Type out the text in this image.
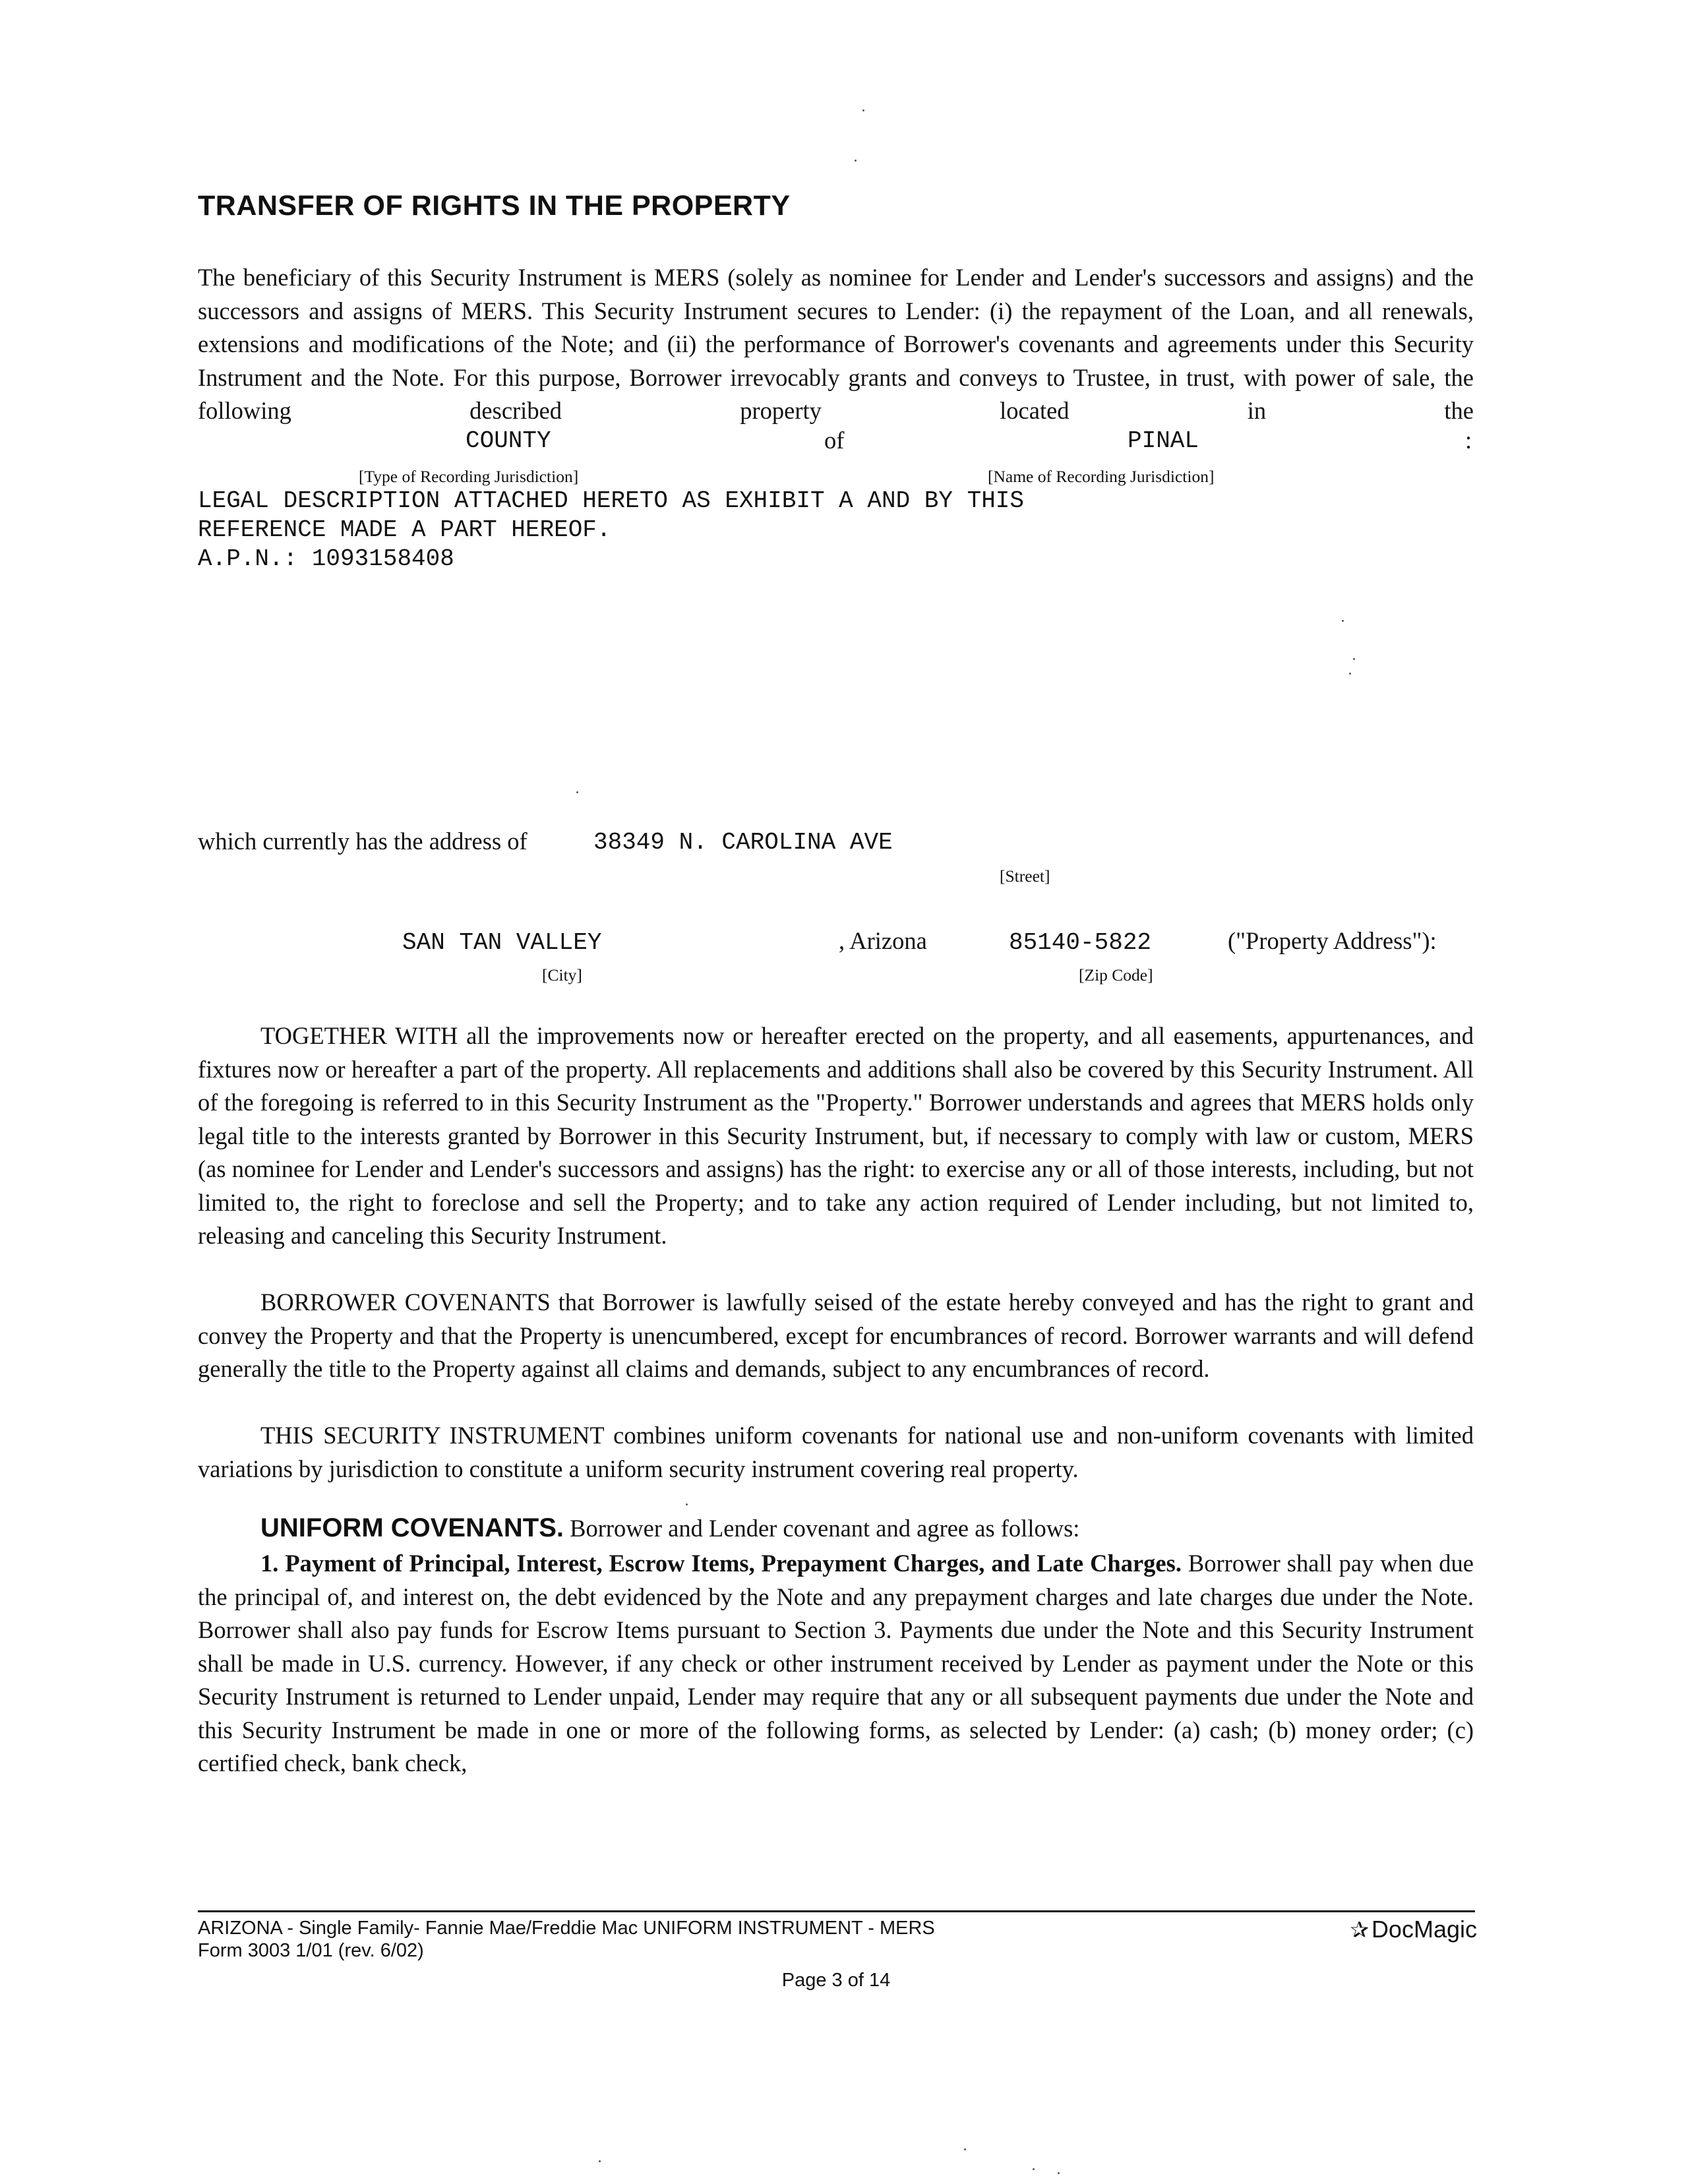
TRANSFER OF RIGHTS IN THE PROPERTY
The beneficiary of this Security Instrument is MERS (solely as nominee for Lender and Lender's successors and assigns) and the successors and assigns of MERS. This Security Instrument secures to Lender: (i) the repayment of the Loan, and all renewals, extensions and modifications of the Note; and (ii) the performance of Borrower's covenants and agreements under this Security Instrument and the Note. For this purpose, Borrower irrevocably grants and conveys to Trustee, in trust, with power of sale, the following described property located in the
COUNTY	of	PINAL	:
[Type of Recording Jurisdiction]	[Name of Recording Jurisdiction]
LEGAL DESCRIPTION ATTACHED HERETO AS EXHIBIT A AND BY THIS
REFERENCE MADE A PART HEREOF.
A.P.N.: 1093158408
which currently has the address of	38349 N. CAROLINA AVE
[Street]
SAN TAN VALLEY	, Arizona	85140-5822	("Property Address"):
[City]	[Zip Code]
TOGETHER WITH all the improvements now or hereafter erected on the property, and all easements, appurtenances, and fixtures now or hereafter a part of the property. All replacements and additions shall also be covered by this Security Instrument. All of the foregoing is referred to in this Security Instrument as the "Property." Borrower understands and agrees that MERS holds only legal title to the interests granted by Borrower in this Security Instrument, but, if necessary to comply with law or custom, MERS (as nominee for Lender and Lender's successors and assigns) has the right: to exercise any or all of those interests, including, but not limited to, the right to foreclose and sell the Property; and to take any action required of Lender including, but not limited to, releasing and canceling this Security Instrument.
BORROWER COVENANTS that Borrower is lawfully seised of the estate hereby conveyed and has the right to grant and convey the Property and that the Property is unencumbered, except for encumbrances of record. Borrower warrants and will defend generally the title to the Property against all claims and demands, subject to any encumbrances of record.
THIS SECURITY INSTRUMENT combines uniform covenants for national use and non-uniform covenants with limited variations by jurisdiction to constitute a uniform security instrument covering real property.
UNIFORM COVENANTS. Borrower and Lender covenant and agree as follows:
1. Payment of Principal, Interest, Escrow Items, Prepayment Charges, and Late Charges. Borrower shall pay when due the principal of, and interest on, the debt evidenced by the Note and any prepayment charges and late charges due under the Note. Borrower shall also pay funds for Escrow Items pursuant to Section 3. Payments due under the Note and this Security Instrument shall be made in U.S. currency. However, if any check or other instrument received by Lender as payment under the Note or this Security Instrument is returned to Lender unpaid, Lender may require that any or all subsequent payments due under the Note and this Security Instrument be made in one or more of the following forms, as selected by Lender: (a) cash; (b) money order; (c) certified check, bank check,
ARIZONA - Single Family- Fannie Mae/Freddie Mac UNIFORM INSTRUMENT - MERS
Form 3003 1/01 (rev. 6/02)
Page 3 of 14
✰ DocMagic
